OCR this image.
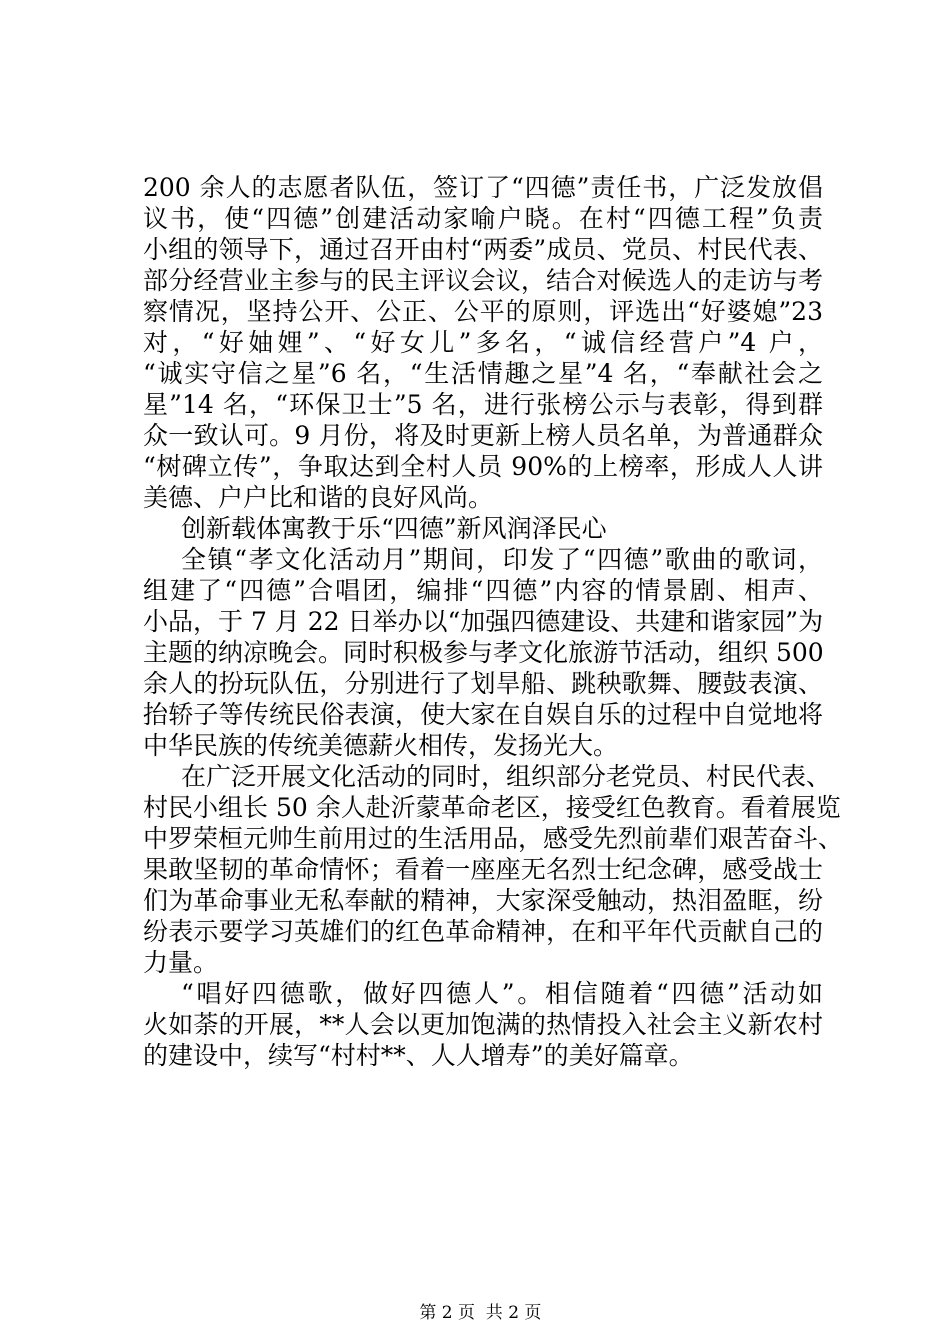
200 余人的志愿者队伍，签订了“四德”责任书，广泛发放倡
议书，使“四德”创建活动家喻户晓。在村“四德工程”负责
小组的领导下，通过召开由村“两委”成员、党员、村民代表、
部分经营业主参与的民主评议会议，结合对候选人的走访与考
察情况，坚持公开、公正、公平的原则，评选出“好婆媳”23
对，“好妯娌”、“好女儿”多名，“诚信经营户”4 户，
“诚实守信之星”6 名，“生活情趣之星”4 名，“奉献社会之
星”14 名，“环保卫士”5 名，进行张榜公示与表彰，得到群
众一致认可。9 月份，将及时更新上榜人员名单，为普通群众
“树碑立传”，争取达到全村人员 90%的上榜率，形成人人讲
美德、户户比和谐的良好风尚。
创新载体寓教于乐“四德”新风润泽民心
全镇“孝文化活动月”期间，印发了“四德”歌曲的歌词，
组建了“四德”合唱团，编排“四德”内容的情景剧、相声、
小品，于 7 月 22 日举办以“加强四德建设、共建和谐家园”为
主题的纳凉晚会。同时积极参与孝文化旅游节活动，组织 500
余人的扮玩队伍，分别进行了划旱船、跳秧歌舞、腰鼓表演、
抬轿子等传统民俗表演，使大家在自娱自乐的过程中自觉地将
中华民族的传统美德薪火相传，发扬光大。
在广泛开展文化活动的同时，组织部分老党员、村民代表、
村民小组长 50 余人赴沂蒙革命老区，接受红色教育。看着展览
中罗荣桓元帅生前用过的生活用品，感受先烈前辈们艰苦奋斗、
果敢坚韧的革命情怀；看着一座座无名烈士纪念碑，感受战士
们为革命事业无私奉献的精神，大家深受触动，热泪盈眶，纷
纷表示要学习英雄们的红色革命精神，在和平年代贡献自己的
力量。
“唱好四德歌，做好四德人”。相信随着“四德”活动如
火如荼的开展，**人会以更加饱满的热情投入社会主义新农村
的建设中，续写“村村**、人人增寿”的美好篇章。

第 2 页  共 2 页
